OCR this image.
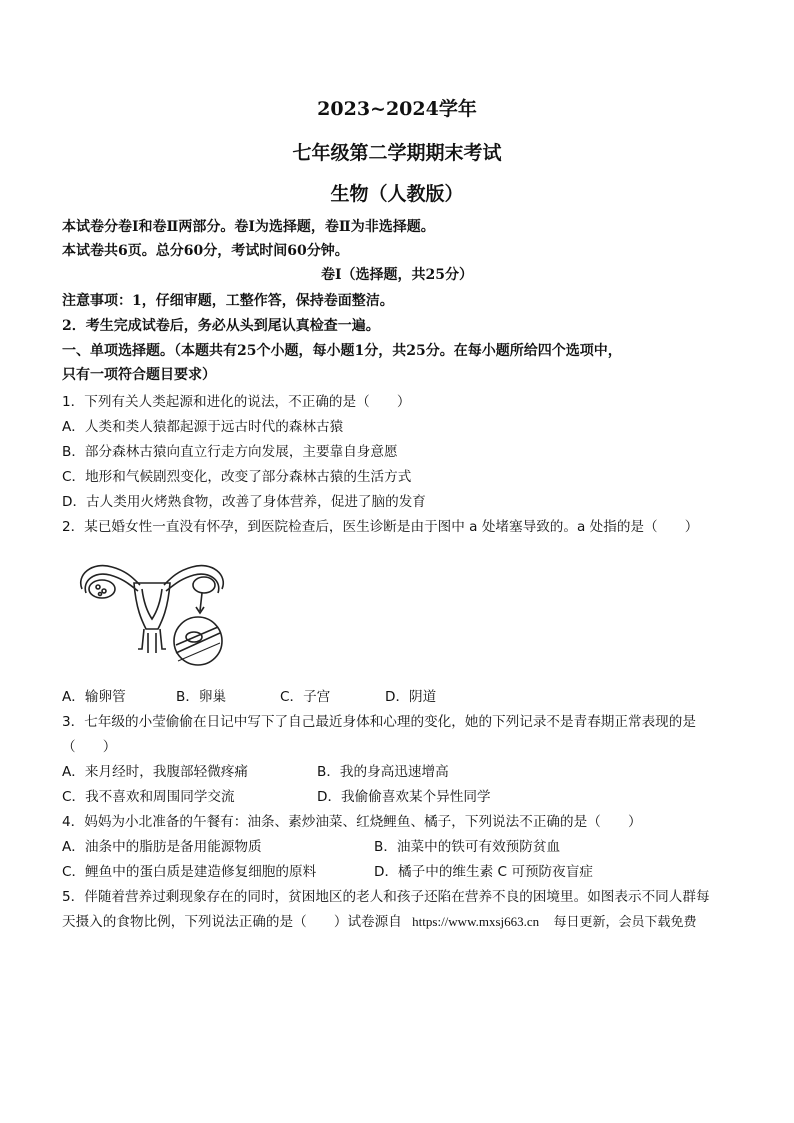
2023~2024学年
七年级第二学期期末考试
生物（人教版）
本试卷分卷Ⅰ和卷Ⅱ两部分。卷Ⅰ为选择题，卷Ⅱ为非选择题。
本试卷共6页。总分60分，考试时间60分钟。
卷Ⅰ（选择题，共25分）
注意事项：1，仔细审题，工整作答，保持卷面整洁。
2．考生完成试卷后，务必从头到尾认真检查一遍。
一、单项选择题。（本题共有25个小题，每小题1分，共25分。在每小题所给四个选项中，
只有一项符合题目要求）
1．下列有关人类起源和进化的说法，不正确的是（　　）
A．人类和类人猿都起源于远古时代的森林古猿
B．部分森林古猿向直立行走方向发展，主要靠自身意愿
C．地形和气候剧烈变化，改变了部分森林古猿的生活方式
D．古人类用火烤熟食物，改善了身体营养，促进了脑的发育
2．某已婚女性一直没有怀孕，到医院检查后，医生诊断是由于图中 a 处堵塞导致的。a 处指的是（　　）
A．输卵管	B．卵巢	C．子宫	D．阴道
3．七年级的小莹偷偷在日记中写下了自己最近身体和心理的变化，她的下列记录不是青春期正常表现的是
（　　）
A．来月经时，我腹部轻微疼痛	B．我的身高迅速增高
C．我不喜欢和周围同学交流	D．我偷偷喜欢某个异性同学
4．妈妈为小北准备的午餐有：油条、素炒油菜、红烧鲤鱼、橘子，下列说法不正确的是（　　）
A．油条中的脂肪是备用能源物质	B．油菜中的铁可有效预防贫血
C．鲤鱼中的蛋白质是建造修复细胞的原料	D．橘子中的维生素 C 可预防夜盲症
5．伴随着营养过剩现象存在的同时，贫困地区的老人和孩子还陷在营养不良的困境里。如图表示不同人群每
天摄入的食物比例，下列说法正确的是（　　）试卷源自 https://www.mxsj663.cn 每日更新，会员下载免费
